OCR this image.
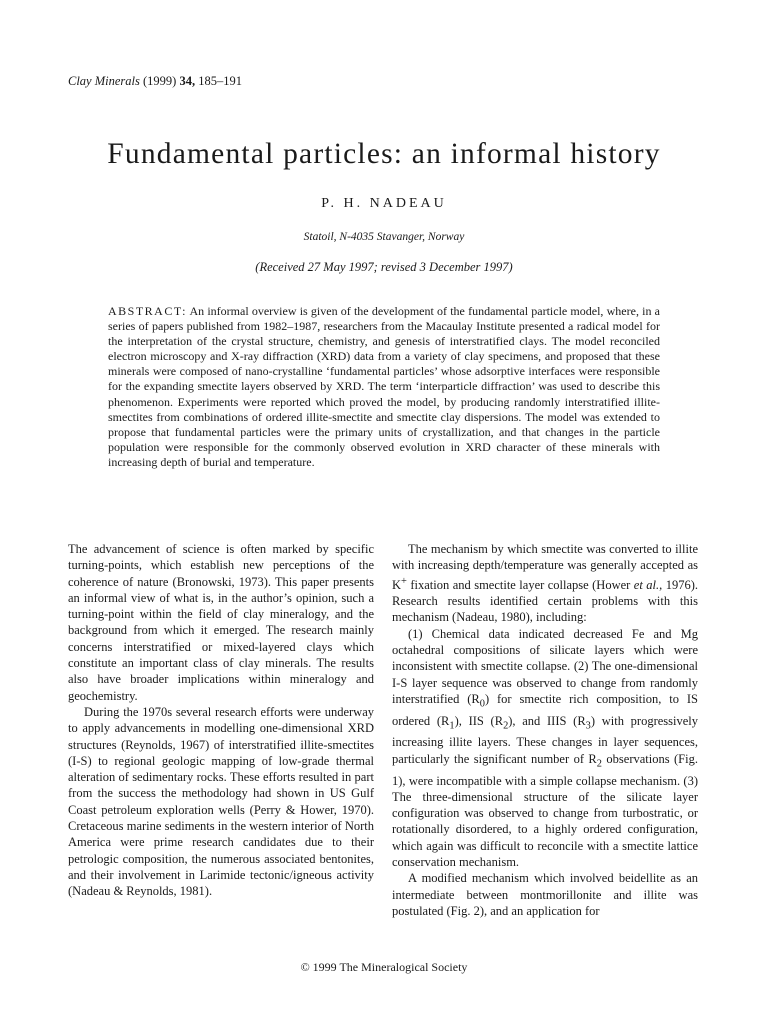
Clay Minerals (1999) 34, 185–191
Fundamental particles: an informal history
P. H. NADEAU
Statoil, N-4035 Stavanger, Norway
(Received 27 May 1997; revised 3 December 1997)

ABSTRACT: An informal overview is given of the development of the fundamental particle model, where, in a series of papers published from 1982–1987, researchers from the Macaulay Institute presented a radical model for the interpretation of the crystal structure, chemistry, and genesis of interstratified clays. The model reconciled electron microscopy and X-ray diffraction (XRD) data from a variety of clay specimens, and proposed that these minerals were composed of nano-crystalline ‘fundamental particles’ whose adsorptive interfaces were responsible for the expanding smectite layers observed by XRD. The term ‘interparticle diffraction’ was used to describe this phenomenon. Experiments were reported which proved the model, by producing randomly interstratified illite-smectites from combinations of ordered illite-smectite and smectite clay dispersions. The model was extended to propose that fundamental particles were the primary units of crystallization, and that changes in the particle population were responsible for the commonly observed evolution in XRD character of these minerals with increasing depth of burial and temperature.

The advancement of science is often marked by specific turning-points, which establish new perceptions of the coherence of nature (Bronowski, 1973). This paper presents an informal view of what is, in the author’s opinion, such a turning-point within the field of clay mineralogy, and the background from which it emerged. The research mainly concerns interstratified or mixed-layered clays which constitute an important class of clay minerals. The results also have broader implications within mineralogy and geochemistry.

During the 1970s several research efforts were underway to apply advancements in modelling one-dimensional XRD structures (Reynolds, 1967) of interstratified illite-smectites (I-S) to regional geologic mapping of low-grade thermal alteration of sedimentary rocks. These efforts resulted in part from the success the methodology had shown in US Gulf Coast petroleum exploration wells (Perry & Hower, 1970). Cretaceous marine sediments in the western interior of North America were prime research candidates due to their petrologic composition, the numerous associated bentonites, and their involvement in Larimide tectonic/igneous activity (Nadeau & Reynolds, 1981).

The mechanism by which smectite was converted to illite with increasing depth/temperature was generally accepted as K+ fixation and smectite layer collapse (Hower et al., 1976). Research results identified certain problems with this mechanism (Nadeau, 1980), including:

(1) Chemical data indicated decreased Fe and Mg octahedral compositions of silicate layers which were inconsistent with smectite collapse. (2) The one-dimensional I-S layer sequence was observed to change from randomly interstratified $(R_0)$ for smectite rich composition, to IS ordered $(R_1)$, IIS $(R_2)$, and IIIS $(R_3)$ with progressively increasing illite layers. These changes in layer sequences, particularly the significant number of $R_2$ observations (Fig. 1), were incompatible with a simple collapse mechanism. (3) The three-dimensional structure of the silicate layer configuration was observed to change from turbostratic, or rotationally disordered, to a highly ordered configuration, which again was difficult to reconcile with a smectite lattice conservation mechanism.

A modified mechanism which involved beidellite as an intermediate between montmorillonite and illite was postulated (Fig. 2), and an application for

© 1999 The Mineralogical Society
